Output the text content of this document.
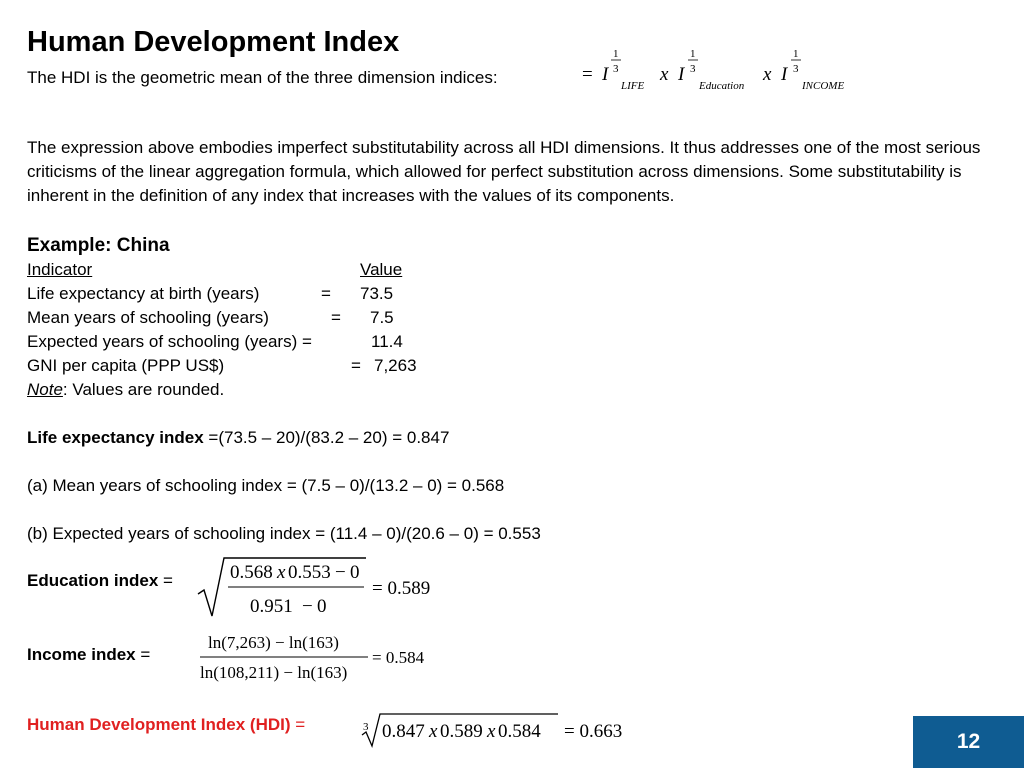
Human Development Index
The HDI is the geometric mean of the three dimension indices:	= I
1
3
LIFE
x I
1
3
Education
x I
1
3
INCOME
The expression above embodies imperfect substitutability across all HDI dimensions. It thus addresses one of the most serious criticisms of the linear aggregation formula, which allowed for perfect substitution across dimensions. Some substitutability is inherent in the definition of any index that increases with the values of its components.
Example: China
Indicator	Value
Life expectancy at birth (years)	= 73.5
Mean years of schooling (years)	= 7.5
Expected years of schooling (years) =	11.4
GNI per capita (PPP US$)	= 7,263
Note: Values are rounded.
Life expectancy index =(73.5 – 20)/(83.2 – 20) = 0.847
(a) Mean years of schooling index = (7.5 – 0)/(13.2 – 0) = 0.568
(b) Expected years of schooling index = (11.4 – 0)/(20.6 – 0) = 0.553
Education index =	0.568 x 0.553 − 0
0.951 − 0
= 0.589
Income index =
ln(7,263) − ln(163)
ln(108,211) − ln(163)
= 0.584
Human Development Index (HDI) =	3 0.847 x 0.589 x 0.584 = 0.663	12
